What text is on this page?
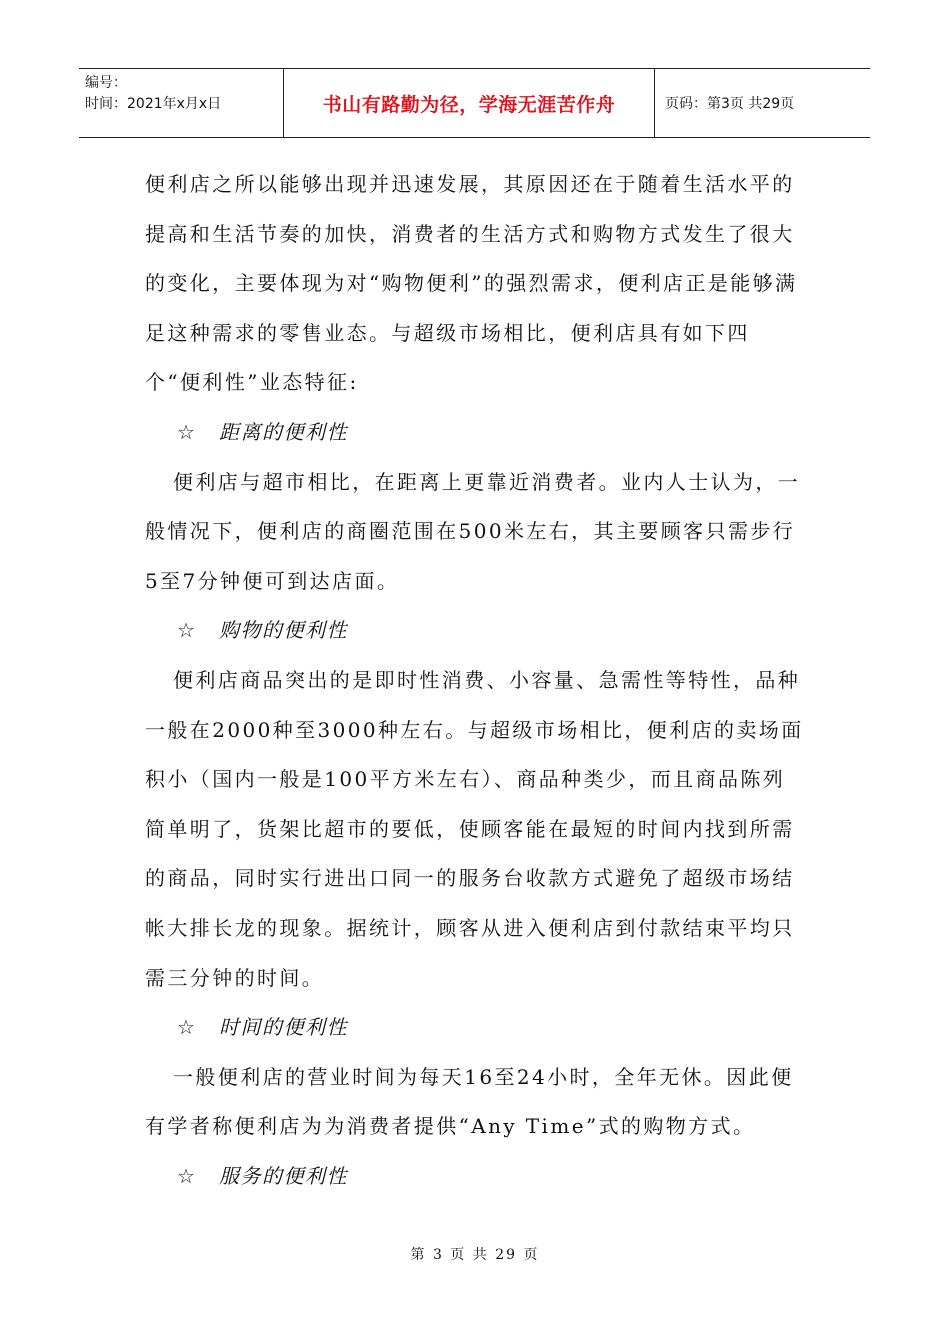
编号：
时间：2021年x月x日	书山有路勤为径，学海无涯苦作舟	页码：第3页 共29页

便利店之所以能够出现并迅速发展，其原因还在于随着生活水平的提高和生活节奏的加快，消费者的生活方式和购物方式发生了很大的变化，主要体现为对“购物便利”的强烈需求，便利店正是能够满足这种需求的零售业态。与超级市场相比，便利店具有如下四个“便利性”业态特征:

☆ 距离的便利性

便利店与超市相比，在距离上更靠近消费者。业内人士认为，一般情况下，便利店的商圈范围在500米左右，其主要顾客只需步行5至7分钟便可到达店面。

☆ 购物的便利性

便利店商品突出的是即时性消费、小容量、急需性等特性，品种一般在2000种至3000种左右。与超级市场相比，便利店的卖场面积小（国内一般是100平方米左右）、商品种类少，而且商品陈列简单明了，货架比超市的要低，使顾客能在最短的时间内找到所需的商品，同时实行进出口同一的服务台收款方式避免了超级市场结帐大排长龙的现象。据统计，顾客从进入便利店到付款结束平均只需三分钟的时间。

☆ 时间的便利性

一般便利店的营业时间为每天16至24小时，全年无休。因此便有学者称便利店为为消费者提供“Any Time”式的购物方式。

☆ 服务的便利性

第 3 页 共 29 页
